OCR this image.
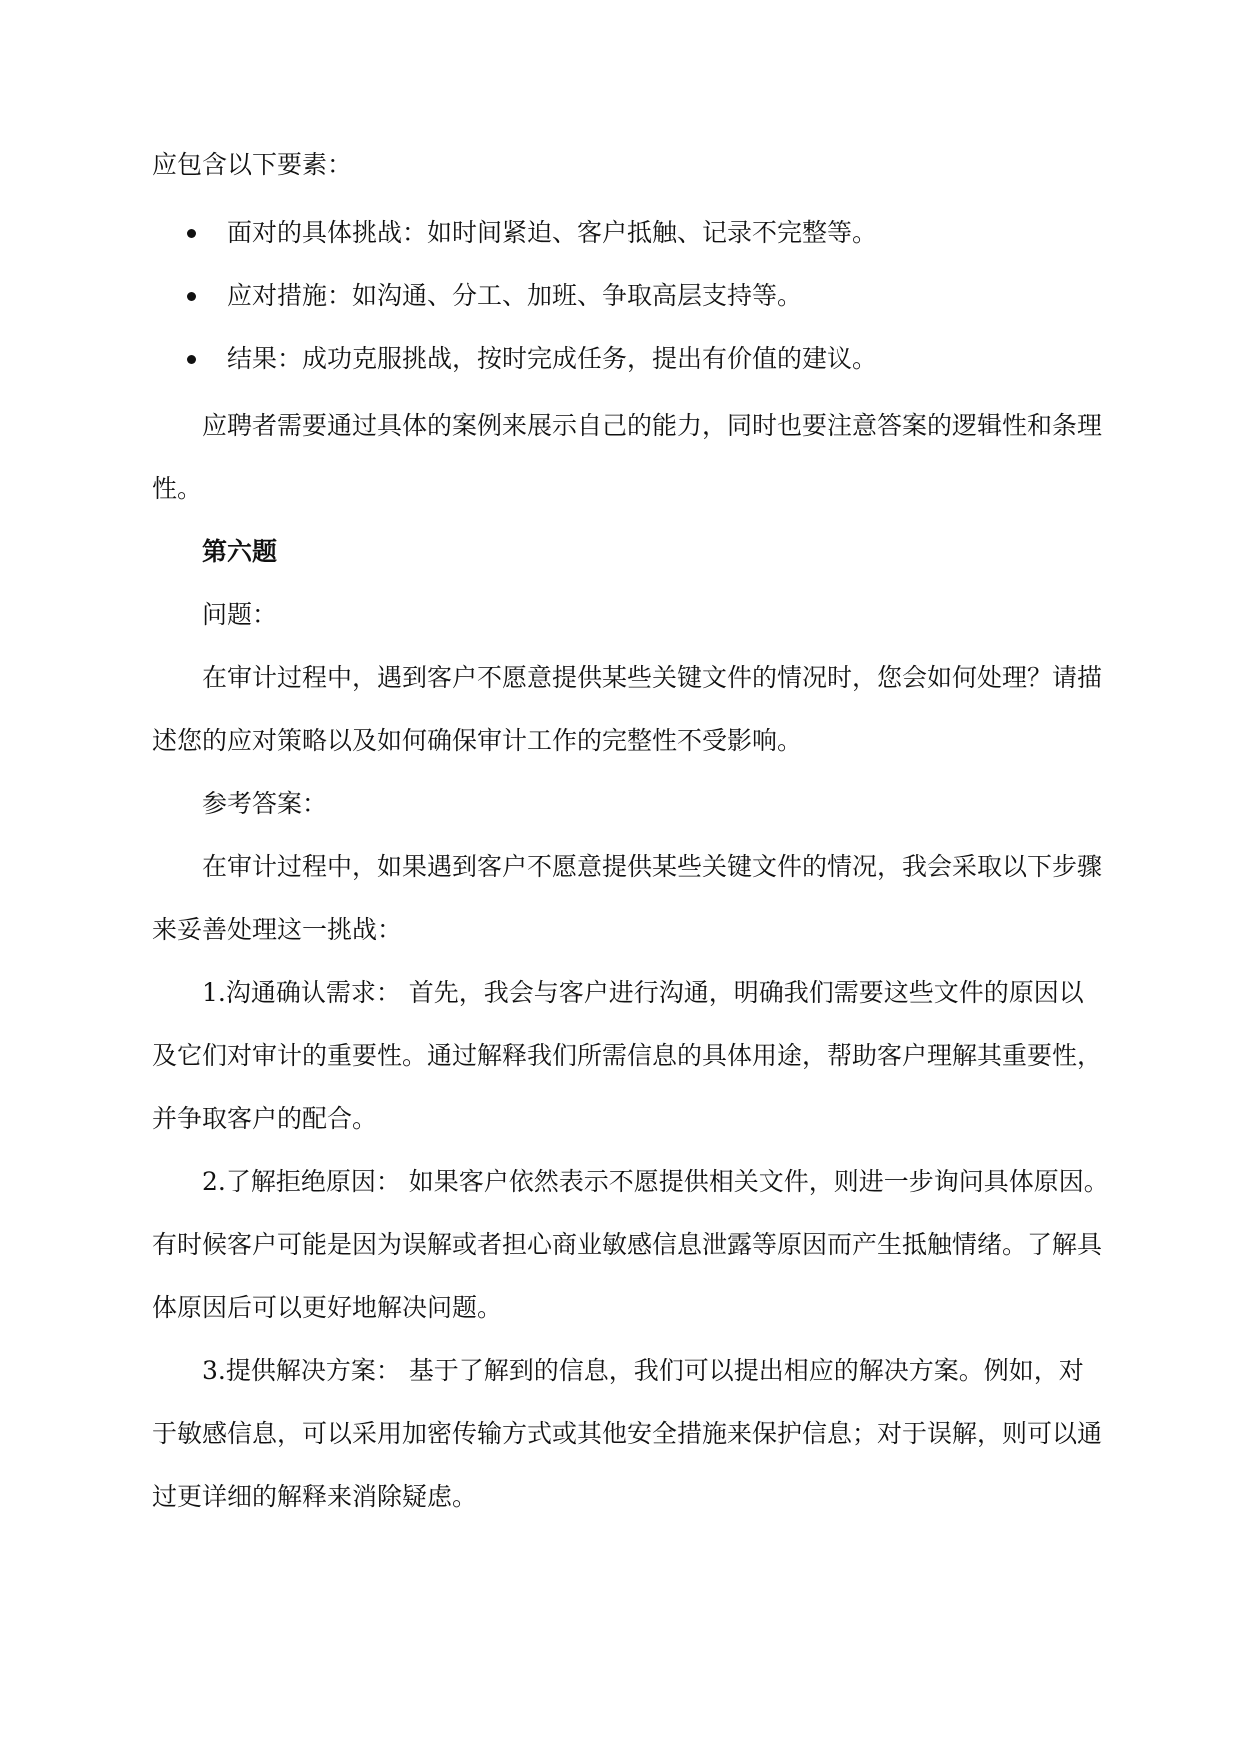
应包含以下要素：
面对的具体挑战：如时间紧迫、客户抵触、记录不完整等。
应对措施：如沟通、分工、加班、争取高层支持等。
结果：成功克服挑战，按时完成任务，提出有价值的建议。
应聘者需要通过具体的案例来展示自己的能力，同时也要注意答案的逻辑性和条理
性。
第六题
问题：
在审计过程中，遇到客户不愿意提供某些关键文件的情况时，您会如何处理？请描
述您的应对策略以及如何确保审计工作的完整性不受影响。
参考答案：
在审计过程中，如果遇到客户不愿意提供某些关键文件的情况，我会采取以下步骤
来妥善处理这一挑战：
1.沟通确认需求： 首先，我会与客户进行沟通，明确我们需要这些文件的原因以
及它们对审计的重要性。通过解释我们所需信息的具体用途，帮助客户理解其重要性，
并争取客户的配合。
2.了解拒绝原因： 如果客户依然表示不愿提供相关文件，则进一步询问具体原因。
有时候客户可能是因为误解或者担心商业敏感信息泄露等原因而产生抵触情绪。了解具
体原因后可以更好地解决问题。
3.提供解决方案： 基于了解到的信息，我们可以提出相应的解决方案。例如，对
于敏感信息，可以采用加密传输方式或其他安全措施来保护信息；对于误解，则可以通
过更详细的解释来消除疑虑。
